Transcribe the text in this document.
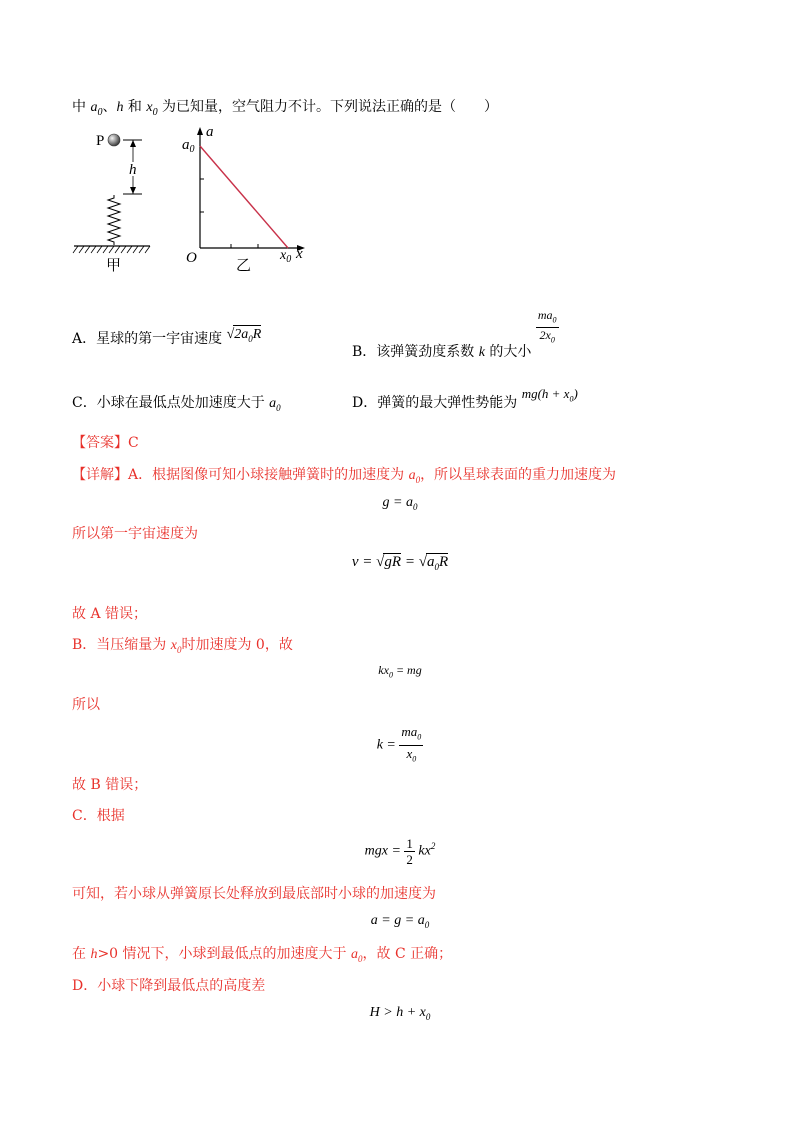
中 $a_0$、h 和 $x_0$ 为已知量，空气阻力不计。下列说法正确的是（　　）
P
h
甲
a
$a_0$
O	$x_0$ x
乙
A．星球的第一宇宙速度 $√2a_0R$
B．该弹簧劲度系数 k 的大小
$\frac{ma_0}{2x_0}$
C．小球在最低点处加速度大于 $a_0$	D．弹簧的最大弹性势能为 $mg(h + x_0)$
【答案】C
【详解】A．根据图像可知小球接触弹簧时的加速度为 $a_0$，所以星球表面的重力加速度为
$g = a_0$
所以第一宇宙速度为
$v = √gR = √a_0R$
故 A 错误；
B．当压缩量为 $x_0$时加速度为 0，故
$kx_0$ = mg
所以
$k = \frac{ma_0}{x_0}$
故 B 错误；
C．根据
mgx = $\frac{1}{2} kx^2$
可知，若小球从弹簧原长处释放到最底部时小球的加速度为
$a = g = a_0$
在 h>0 情况下，小球到最低点的加速度大于 $a_0$，故 C 正确；
D．小球下降到最低点的高度差
$H > h + x_0$
